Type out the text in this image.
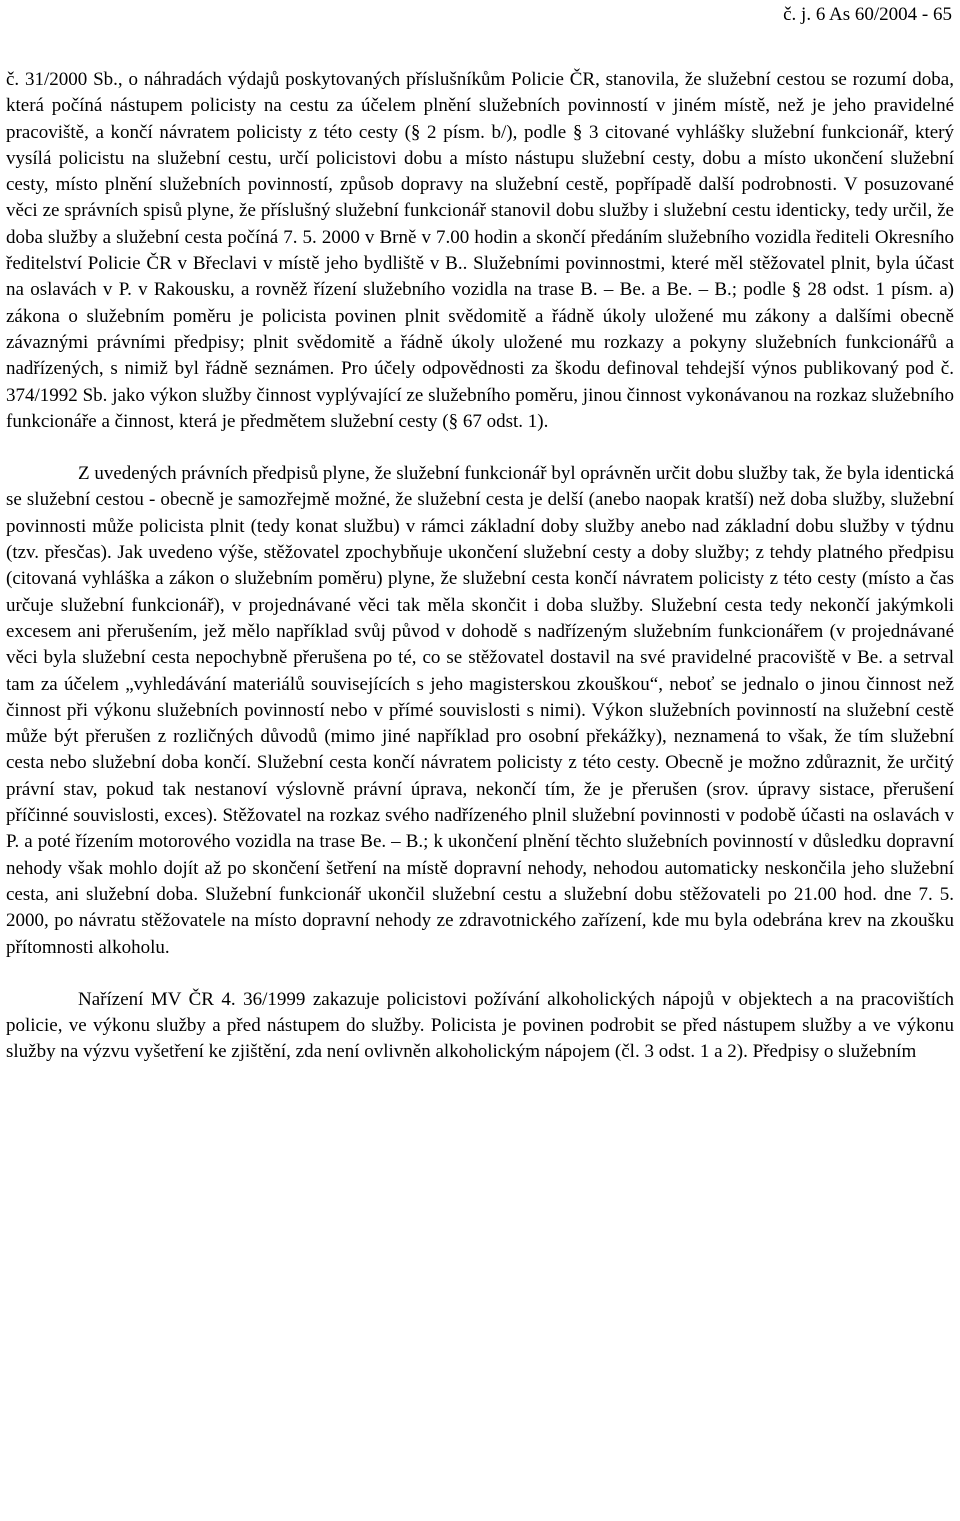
č. j. 6 As 60/2004 - 65

č. 31/2000 Sb., o náhradách výdajů poskytovaných příslušníkům Policie ČR, stanovila, že služební cestou se rozumí doba, která počíná nástupem policisty na cestu za účelem plnění služebních povinností v jiném místě, než je jeho pravidelné pracoviště, a končí návratem policisty z této cesty (§ 2 písm. b/), podle § 3 citované vyhlášky služební funkcionář, který vysílá policistu na služební cestu, určí policistovi dobu a místo nástupu služební cesty, dobu a místo ukončení služební cesty, místo plnění služebních povinností, způsob dopravy na služební cestě, popřípadě další podrobnosti. V posuzované věci ze správních spisů plyne, že příslušný služební funkcionář stanovil dobu služby i služební cestu identicky, tedy určil, že doba služby a služební cesta počíná 7. 5. 2000 v Brně v 7.00 hodin a skončí předáním služebního vozidla řediteli Okresního ředitelství Policie ČR v Břeclavi v místě jeho bydliště v B.. Služebními povinnostmi, které měl stěžovatel plnit, byla účast na oslavách v P. v Rakousku, a rovněž řízení služebního vozidla na trase B. – Be. a Be. – B.; podle § 28 odst. 1 písm. a) zákona o služebním poměru je policista povinen plnit svědomitě a řádně úkoly uložené mu zákony a dalšími obecně závaznými právními předpisy; plnit svědomitě a řádně úkoly uložené mu rozkazy a pokyny služebních funkcionářů a nadřízených, s nimiž byl řádně seznámen. Pro účely odpovědnosti za škodu definoval tehdejší výnos publikovaný pod č. 374/1992 Sb. jako výkon služby činnost vyplývající ze služebního poměru, jinou činnost vykonávanou na rozkaz služebního funkcionáře a činnost, která je předmětem služební cesty (§ 67 odst. 1).

Z uvedených právních předpisů plyne, že služební funkcionář byl oprávněn určit dobu služby tak, že byla identická se služební cestou - obecně je samozřejmě možné, že služební cesta je delší (anebo naopak kratší) než doba služby, služební povinnosti může policista plnit (tedy konat službu) v rámci základní doby služby anebo nad základní dobu služby v týdnu (tzv. přesčas). Jak uvedeno výše, stěžovatel zpochybňuje ukončení služební cesty a doby služby; z tehdy platného předpisu (citovaná vyhláška a zákon o služebním poměru) plyne, že služební cesta končí návratem policisty z této cesty (místo a čas určuje služební funkcionář), v projednávané věci tak měla skončit i doba služby. Služební cesta tedy nekončí jakýmkoli excesem ani přerušením, jež mělo například svůj původ v dohodě s nadřízeným služebním funkcionářem (v projednávané věci byla služební cesta nepochybně přerušena po té, co se stěžovatel dostavil na své pravidelné pracoviště v Be. a setrval tam za účelem „vyhledávání materiálů souvisejících s jeho magisterskou zkouškou“, neboť se jednalo o jinou činnost než činnost při výkonu služebních povinností nebo v přímé souvislosti s nimi). Výkon služebních povinností na služební cestě může být přerušen z rozličných důvodů (mimo jiné například pro osobní překážky), neznamená to však, že tím služební cesta nebo služební doba končí. Služební cesta končí návratem policisty z této cesty. Obecně je možno zdůraznit, že určitý právní stav, pokud tak nestanoví výslovně právní úprava, nekončí tím, že je přerušen (srov. úpravy sistace, přerušení příčinné souvislosti, exces). Stěžovatel na rozkaz svého nadřízeného plnil služební povinnosti v podobě účasti na oslavách v P. a poté řízením motorového vozidla na trase Be. – B.; k ukončení plnění těchto služebních povinností v důsledku dopravní nehody však mohlo dojít až po skončení šetření na místě dopravní nehody, nehodou automaticky neskončila jeho služební cesta, ani služební doba. Služební funkcionář ukončil služební cestu a služební dobu stěžovateli po 21.00 hod. dne 7. 5. 2000, po návratu stěžovatele na místo dopravní nehody ze zdravotnického zařízení, kde mu byla odebrána krev na zkoušku přítomnosti alkoholu.

Nařízení MV ČR 4. 36/1999 zakazuje policistovi požívání alkoholických nápojů v objektech a na pracovištích policie, ve výkonu služby a před nástupem do služby. Policista je povinen podrobit se před nástupem služby a ve výkonu služby na výzvu vyšetření ke zjištění, zda není ovlivněn alkoholickým nápojem (čl. 3 odst. 1 a 2). Předpisy o služebním
